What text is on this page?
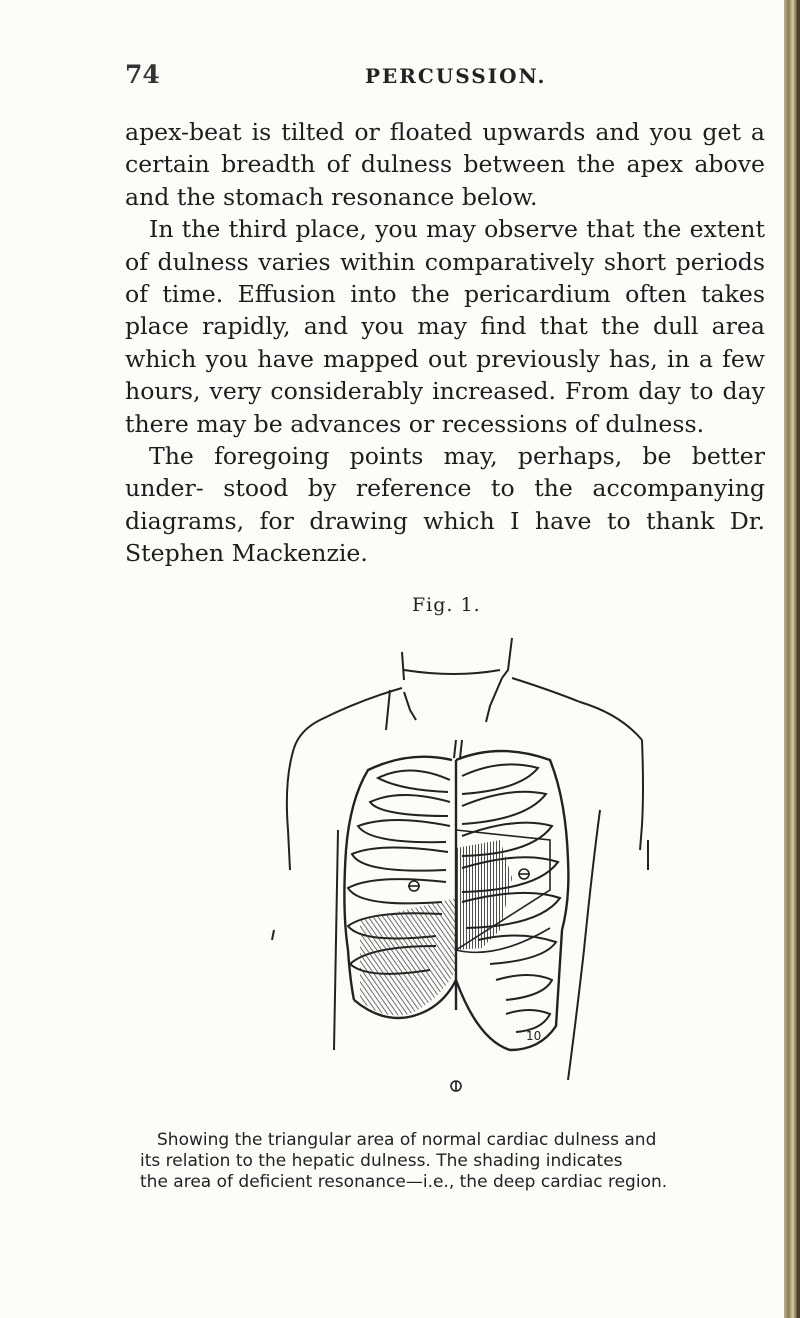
74	PERCUSSION.

apex-beat is tilted or floated upwards and you get a certain breadth of dulness between the apex above and the stomach resonance below.

In the third place, you may observe that the extent of dulness varies within comparatively short periods of time. Effusion into the pericardium often takes place rapidly, and you may find that the dull area which you have mapped out previously has, in a few hours, very considerably increased. From day to day there may be advances or recessions of dulness.

The foregoing points may, perhaps, be better under- stood by reference to the accompanying diagrams, for drawing which I have to thank Dr. Stephen Mackenzie.

Fig. 1.
10
Showing the triangular area of normal cardiac dulness and
its relation to the hepatic dulness. The shading indicates
the area of deficient resonance—i.e., the deep cardiac region.
